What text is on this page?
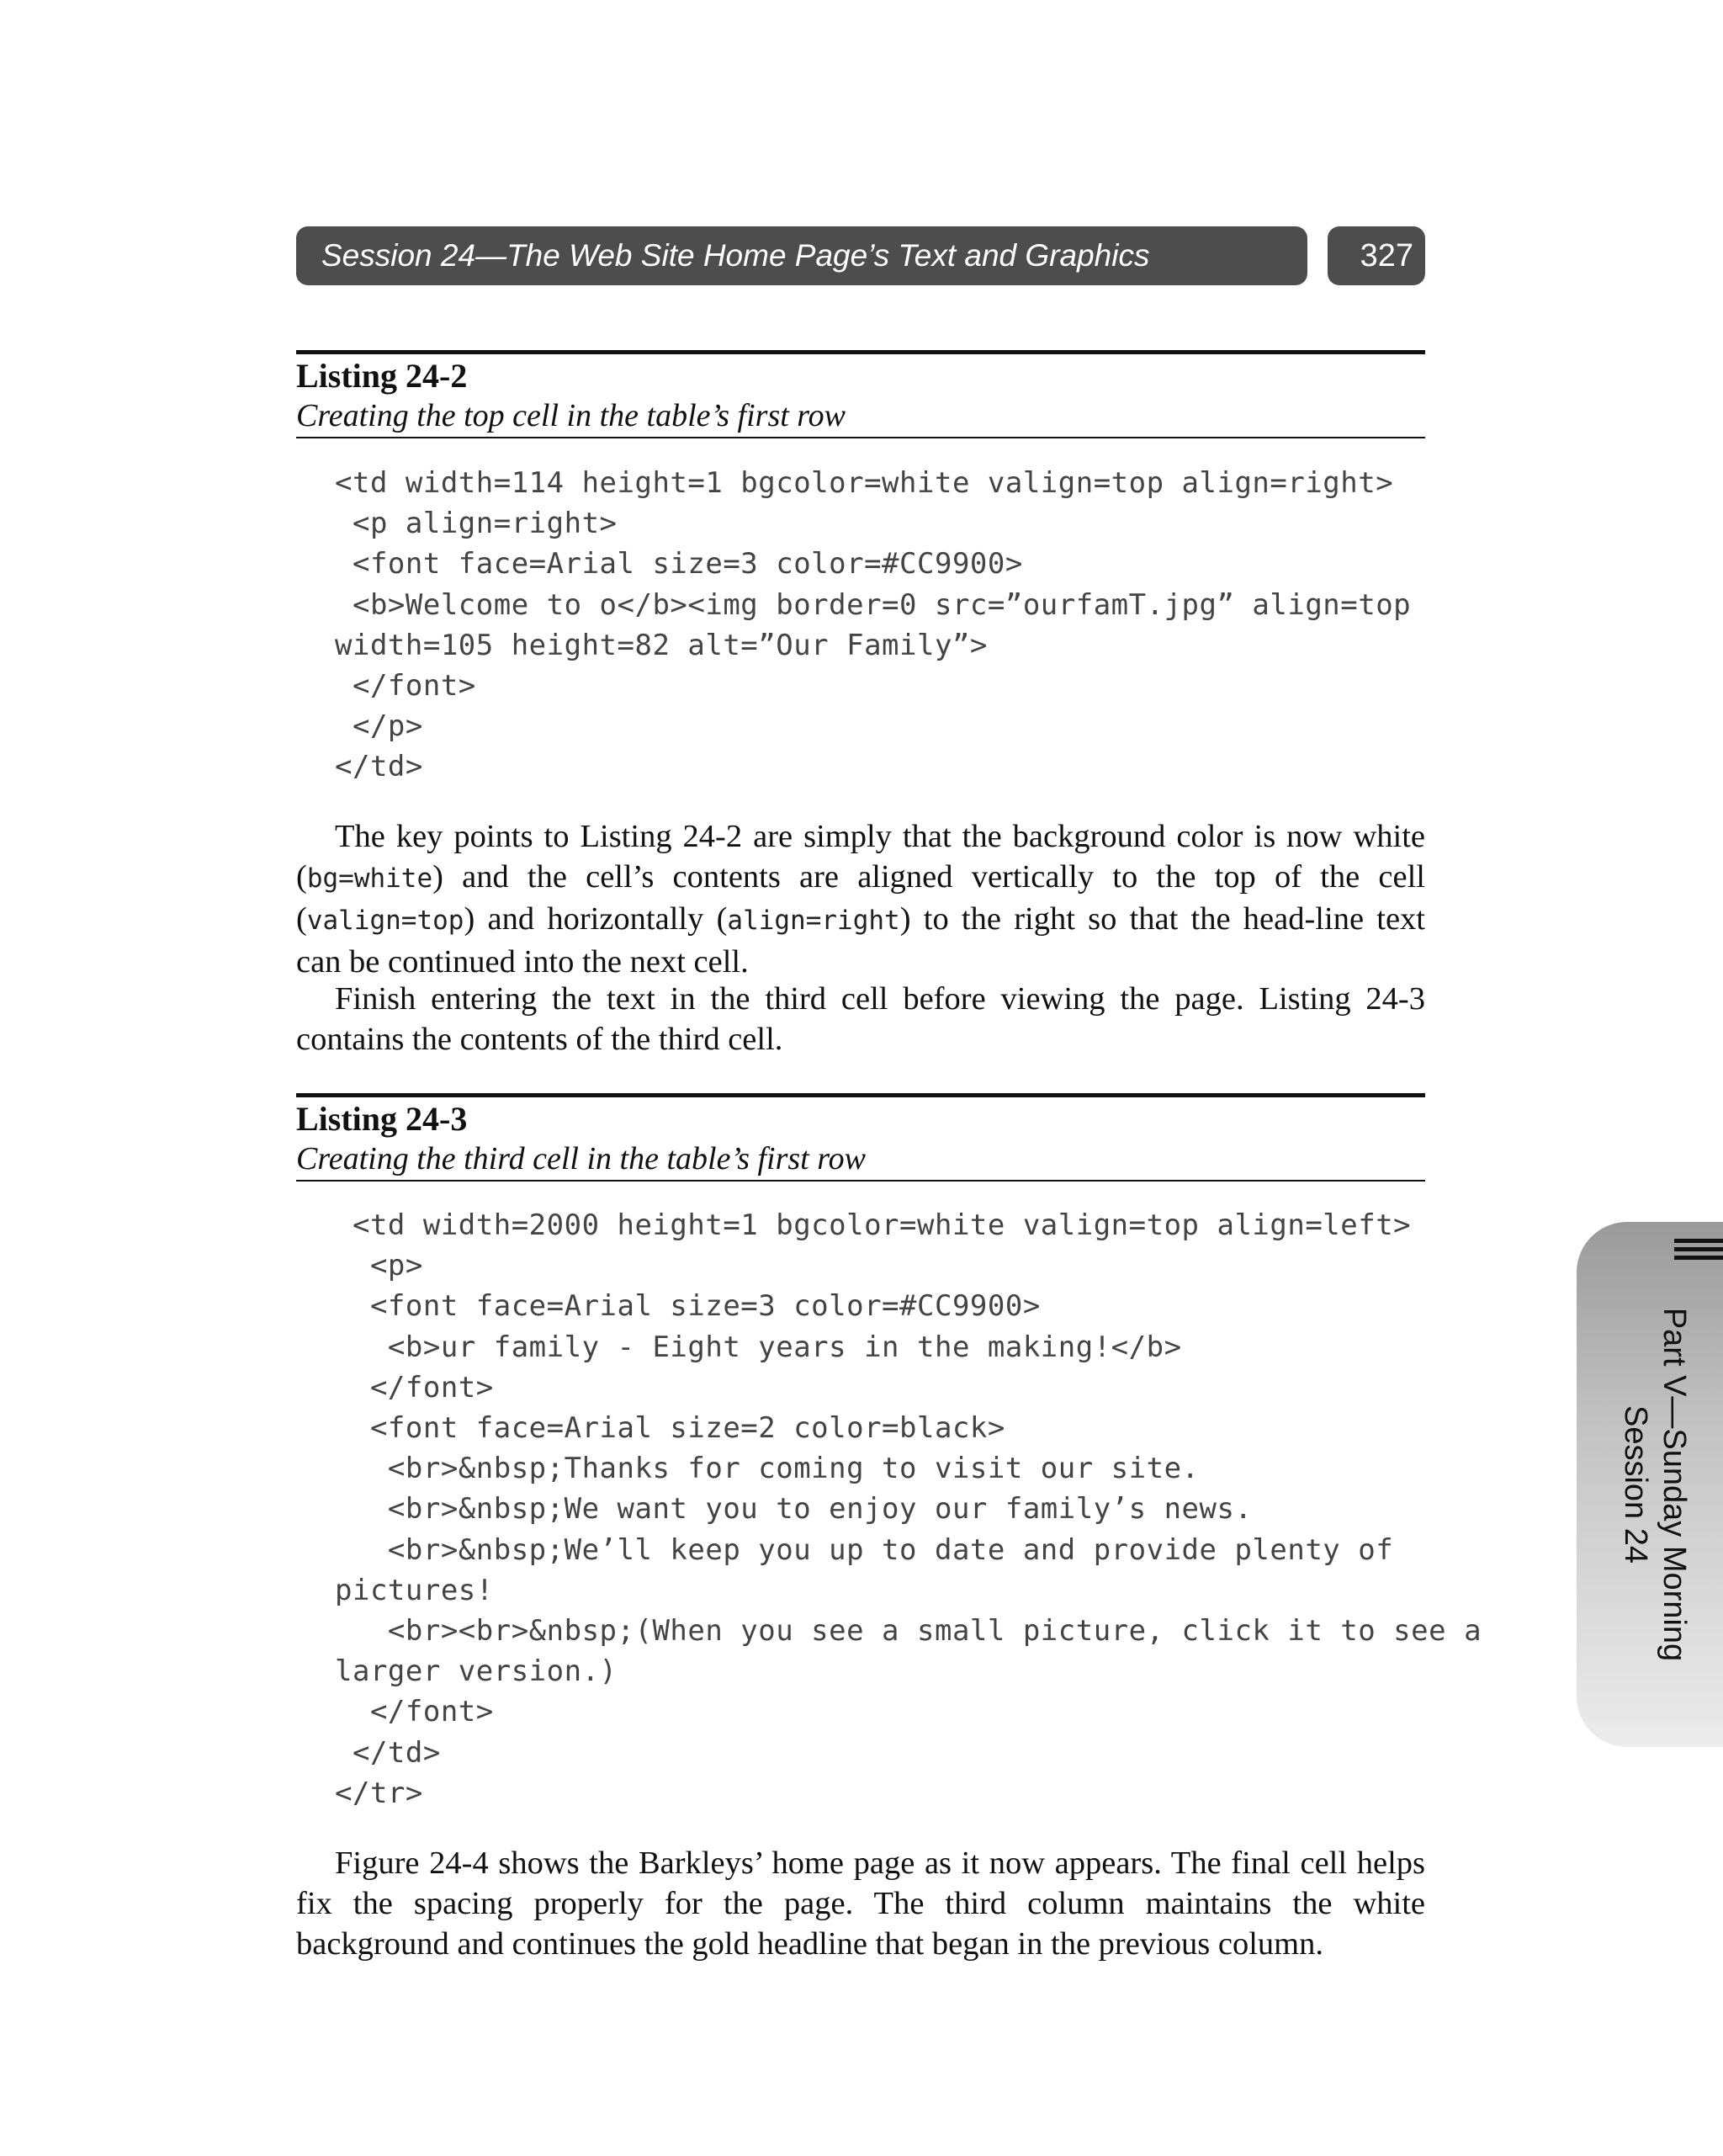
Session 24—The Web Site Home Page’s Text and Graphics	327
Listing 24-2
Creating the top cell in the table’s first row
<td width=114 height=1 bgcolor=white valign=top align=right>
<p align=right>
<font face=Arial size=3 color=#CC9900>
<b>Welcome to o</b><img border=0 src=”ourfamT.jpg” align=top
width=105 height=82 alt=”Our Family”>
</font>
</p>
</td>

The key points to Listing 24-2 are simply that the background color is now white (bg=white) and the cell’s contents are aligned vertically to the top of the cell (valign=top) and horizontally (align=right) to the right so that the head-line text can be continued into the next cell.

Finish entering the text in the third cell before viewing the page. Listing 24-3 contains the contents of the third cell.

Listing 24-3
Creating the third cell in the table’s first row
<td width=2000 height=1 bgcolor=white valign=top align=left>
<p>
<font face=Arial size=3 color=#CC9900>
<b>ur family - Eight years in the making!</b>
</font>
<font face=Arial size=2 color=black>
<br>&nbsp;Thanks for coming to visit our site.
<br>&nbsp;We want you to enjoy our family’s news.
<br>&nbsp;We’ll keep you up to date and provide plenty of
pictures!
<br><br>&nbsp;(When you see a small picture, click it to see a
larger version.)
</font>
</td>
</tr>

Figure 24-4 shows the Barkleys’ home page as it now appears. The final cell helps fix the spacing properly for the page. The third column maintains the white background and continues the gold headline that began in the previous column.

Part V—Sunday Morning
Session 24
